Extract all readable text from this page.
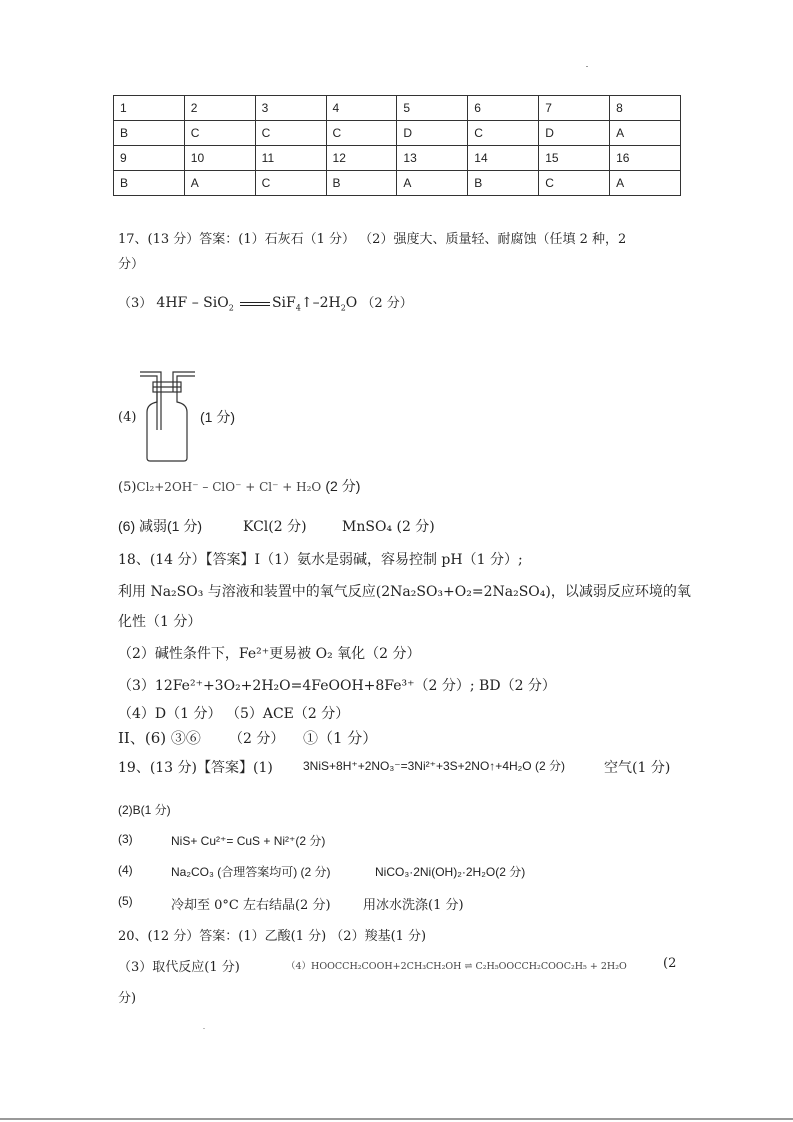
1	2	3	4	5	6	7	8
B	C	C	C	D	C	D	A
9	10	11	12	13	14	15	16
B	A	C	B	A	B	C	A
17、(13 分）答案：(1）石灰石（1 分） （2）强度大、质量轻、耐腐蚀（任填 2 种，2
分）
（3） 4HF – SiO$_2$	$SiF_4↑-2H_2O$ （2 分）
(4)	(1 分)
(5)Cl₂+2OH⁻ – ClO⁻ + Cl⁻ + H₂O (2 分)
(6) 减弱(1 分)	KCl(2 分)	MnSO₄ (2 分)
18、(14 分）【答案】Ⅰ（1）氨水是弱碱，容易控制 pH（1 分）;
利用 Na₂SO₃ 与溶液和装置中的氧气反应(2Na₂SO₃+O₂=2Na₂SO₄)，以减弱反应环境的氧
化性（1 分）
（2）碱性条件下，Fe²⁺更易被 O₂ 氧化（2 分）
（3）12Fe²⁺+3O₂+2H₂O=4FeOOH+8Fe³⁺（2 分）; BD（2 分）
（4）D（1 分） （5）ACE（2 分）
II、(6) ③⑥ （2 分） ①（1 分）
19、(13 分)【答案】(1)	3NiS+8H⁺+2NO₃⁻=3Ni²⁺+3S+2NO↑+4H₂O (2 分)	空气(1 分)
(2)B(1 分)
(3)	NiS+ Cu²⁺= CuS + Ni²⁺(2 分)
(4)	Na₂CO₃ (合理答案均可) (2 分)	NiCO₃·2Ni(OH)₂·2H₂O(2 分)
(5)	冷却至 0°C 左右结晶(2 分) 用冰水洗涤(1 分)
20、(12 分）答案：(1）乙酸(1 分) （2）羧基(1 分)
（3）取代反应(1 分)	（4）HOOCCH₂COOH+2CH₃CH₂OH ⇌ C₂H₅OOCCH₂COOC₂H₅ + 2H₂O	(2
分)
